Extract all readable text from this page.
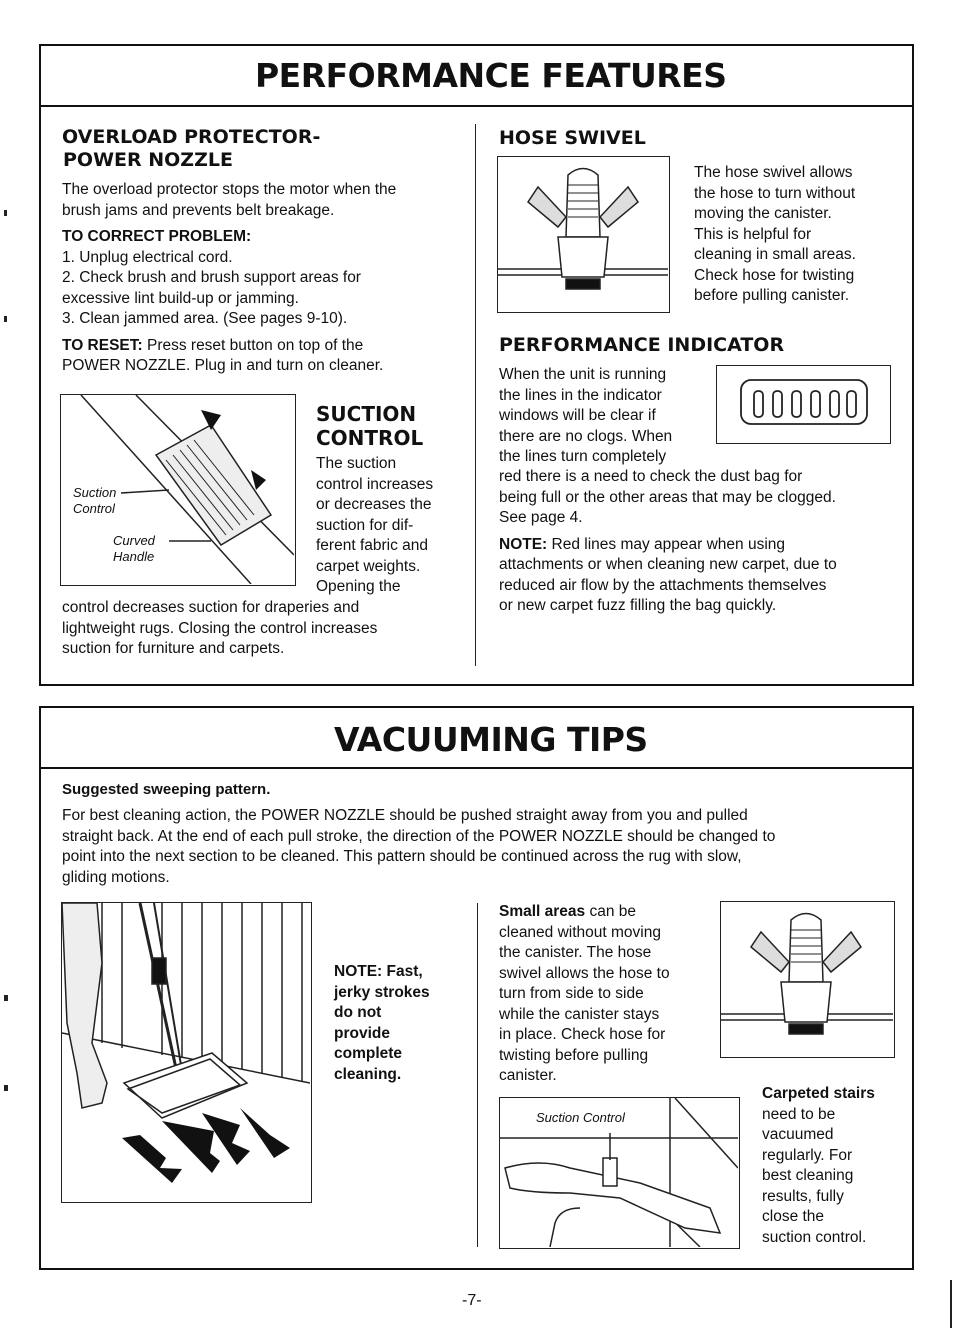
PERFORMANCE FEATURES
OVERLOAD PROTECTOR-
POWER NOZZLE
The overload protector stops the motor when the
brush jams and prevents belt breakage.
TO CORRECT PROBLEM:
1. Unplug electrical cord.
2. Check brush and brush support areas for
excessive lint build-up or jamming.
3. Clean jammed area. (See pages 9-10).
TO RESET: Press reset button on top of the
POWER NOZZLE. Plug in and turn on cleaner.
Suction
Control
Curved
Handle
SUCTION
CONTROL
The suction
control increases
or decreases the
suction for dif-
ferent fabric and
carpet weights.
Opening the
control decreases suction for draperies and
lightweight rugs. Closing the control increases
suction for furniture and carpets.
HOSE SWIVEL
The hose swivel allows
the hose to turn without
moving the canister.
This is helpful for
cleaning in small areas.
Check hose for twisting
before pulling canister.
PERFORMANCE INDICATOR
When the unit is running
the lines in the indicator
windows will be clear if
there are no clogs. When
the lines turn completely
red there is a need to check the dust bag for
being full or the other areas that may be clogged.
See page 4.
NOTE: Red lines may appear when using
attachments or when cleaning new carpet, due to
reduced air flow by the attachments themselves
or new carpet fuzz filling the bag quickly.
VACUUMING TIPS
Suggested sweeping pattern.
For best cleaning action, the POWER NOZZLE should be pushed straight away from you and pulled
straight back. At the end of each pull stroke, the direction of the POWER NOZZLE should be changed to
point into the next section to be cleaned. This pattern should be continued across the rug with slow,
gliding motions.
NOTE: Fast,
jerky strokes
do not
provide
complete
cleaning.
Small areas can be
cleaned without moving
the canister. The hose
swivel allows the hose to
turn from side to side
while the canister stays
in place. Check hose for
twisting before pulling
canister.
Suction Control
Carpeted stairs
need to be
vacuumed
regularly. For
best cleaning
results, fully
close the
suction control.
-7-
